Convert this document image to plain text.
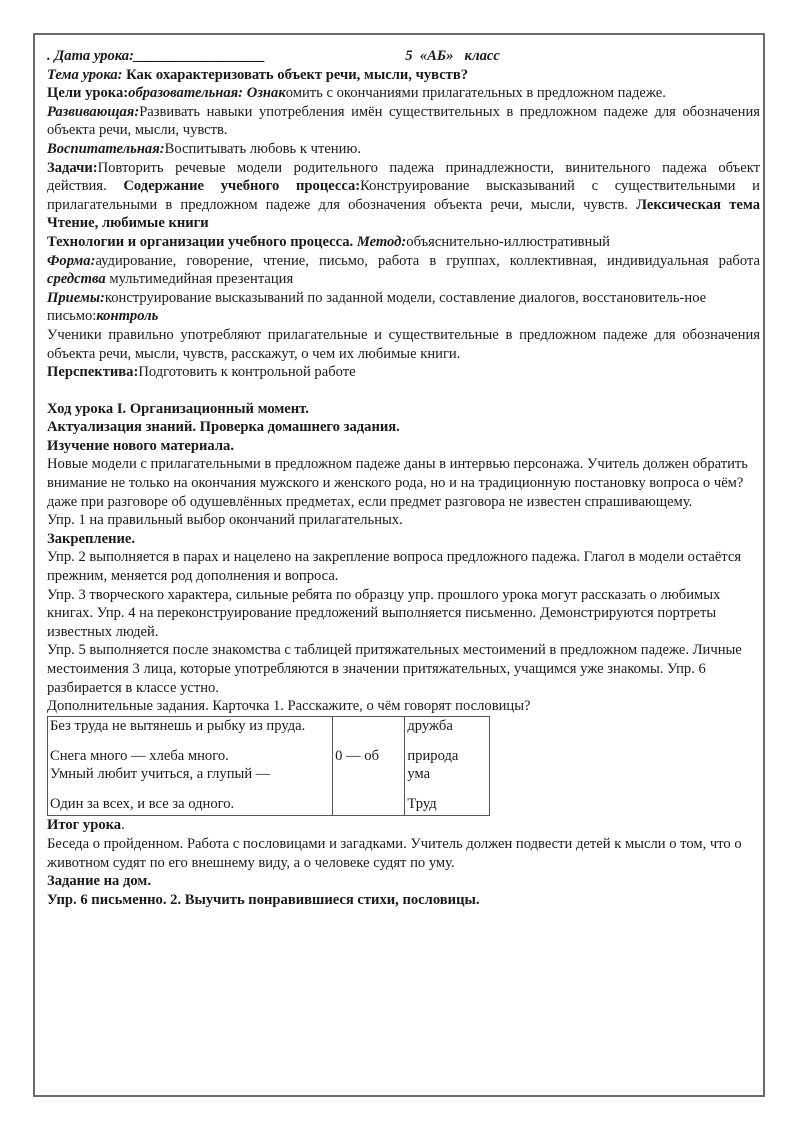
. Дата урока:__________________	5 «АБ» класс

Тема урока: Как охарактеризовать объект речи, мысли, чувств?

Цели урока:образовательная: Ознакомить с окончаниями прилагательных в предложном падеже.

Развивающая:Развивать навыки употребления имён существительных в предложном падеже для обозначения объекта речи, мысли, чувств.

Воспитательная:Воспитывать любовь к чтению.

Задачи:Повторить речевые модели родительного падежа принадлежности, винительного падежа объект действия. Содержание учебного процесса:Конструирование высказываний с существительными и прилагательными в предложном падеже для обозначения объекта речи, мысли, чувств. Лексическая тема Чтение, любимые книги

Технологии и организации учебного процесса. Метод:объяснительно-иллюстративный

Форма:аудирование, говорение, чтение, письмо, работа в группах, коллективная, индивидуальная работа средства мультимедийная презентация

Приемы:конструирование высказываний по заданной модели, составление диалогов, восстановитель-ное письмо:контроль

Ученики правильно употребляют прилагательные и существительные в предложном падеже для обозначения объекта речи, мысли, чувств, расскажут, о чем их любимые книги.

Перспектива:Подготовить к контрольной работе

Ход урока I. Организационный момент.

Актуализация знаний. Проверка домашнего задания.

Изучение нового материала.

Новые модели с прилагательными в предложном падеже даны в интервью персонажа. Учитель должен обратить внимание не только на окончания мужского и женского рода, но и на традиционную постановку вопроса о чём? даже при разговоре об одушевлённых предметах, если предмет разговора не известен спрашивающему.

Упр. 1 на правильный выбор окончаний прилагательных.

Закрепление.

Упр. 2 выполняется в парах и нацелено на закрепление вопроса предложного падежа. Глагол в модели остаётся прежним, меняется род дополнения и вопроса.

Упр. 3 творческого характера, сильные ребята по образцу упр. прошлого урока могут рассказать о любимых книгах. Упр. 4 на переконструирование предложений выполняется письменно. Демонстрируются портреты известных людей.

Упр. 5 выполняется после знакомства с таблицей притяжательных местоимений в предложном падеже. Личные местоимения 3 лица, которые употребляются в значении притяжательных, учащимся уже знакомы. Упр. 6 разбирается в классе устно.

Дополнительные задания. Карточка 1. Расскажите, о чём говорят пословицы?

Без труда не вытянешь и рыбку из пруда.		дружба
Снега много — хлеба много.	0 — об	природа
Умный любит учиться, а глупый —		ума
Один за всех, и все за одного.		Труд

Итог урока.

Беседа о пройденном. Работа с пословицами и загадками. Учитель должен подвести детей к мысли о том, что о животном судят по его внешнему виду, а о человеке судят по уму.

Задание на дом.

Упр. 6 письменно. 2. Выучить понравившиеся стихи, пословицы.
